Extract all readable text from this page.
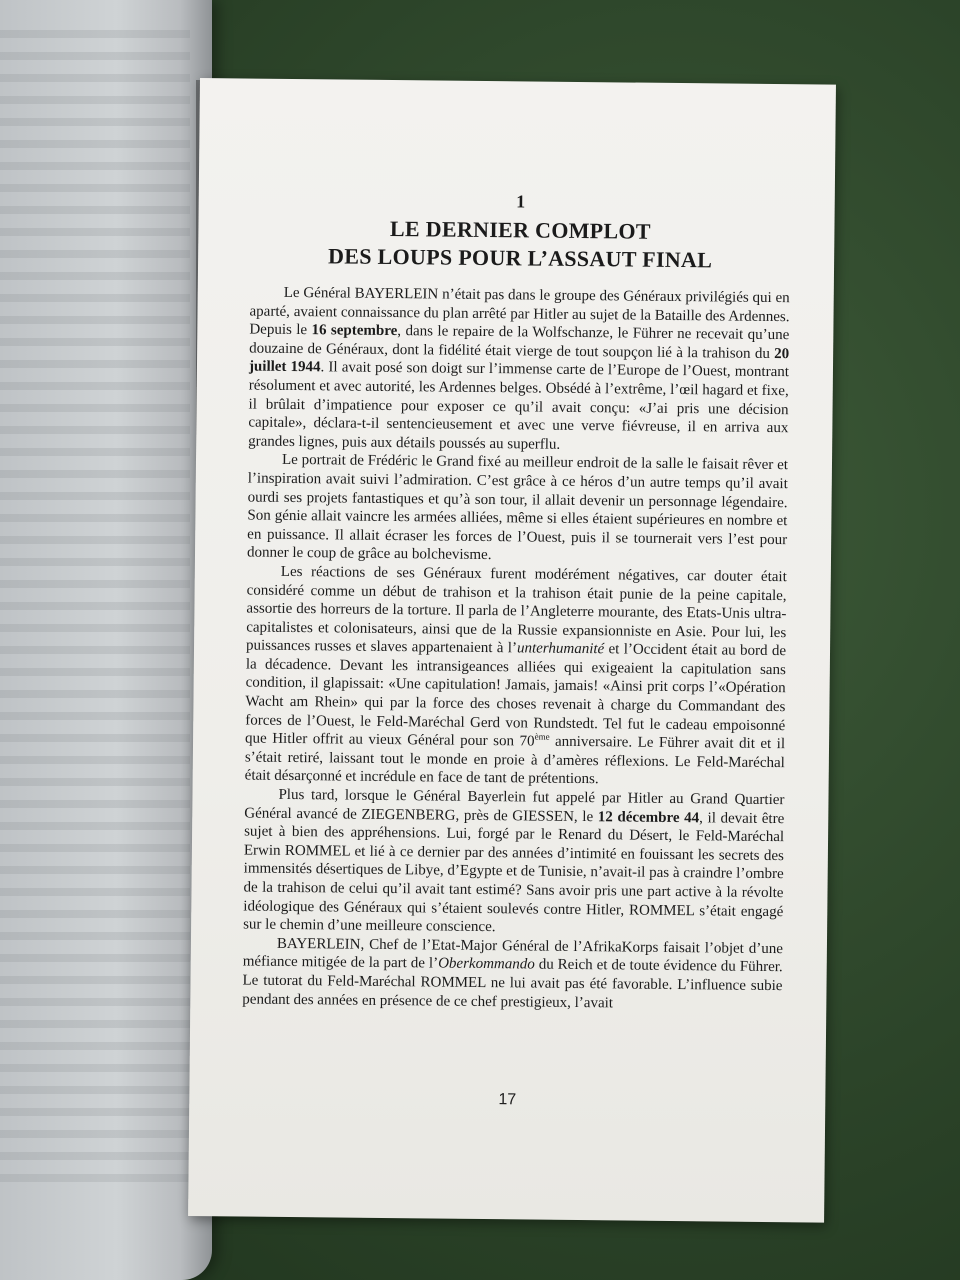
1
LE DERNIER COMPLOT
DES LOUPS POUR L’ASSAUT FINAL

Le Général BAYERLEIN n’était pas dans le groupe des Généraux privilégiés qui en aparté, avaient connaissance du plan arrêté par Hitler au sujet de la Bataille des Ardennes. Depuis le 16 septembre, dans le repaire de la Wolfschanze, le Führer ne recevait qu’une douzaine de Généraux, dont la fidélité était vierge de tout soupçon lié à la trahison du 20 juillet 1944. Il avait posé son doigt sur l’immense carte de l’Europe de l’Ouest, montrant résolument et avec autorité, les Ardennes belges. Obsédé à l’extrême, l’œil hagard et fixe, il brûlait d’impatience pour exposer ce qu’il avait conçu: «J’ai pris une décision capitale», déclara-t-il sentencieusement et avec une verve fiévreuse, il en arriva aux grandes lignes, puis aux détails poussés au superflu.

Le portrait de Frédéric le Grand fixé au meilleur endroit de la salle le faisait rêver et l’inspiration avait suivi l’admiration. C’est grâce à ce héros d’un autre temps qu’il avait ourdi ses projets fantastiques et qu’à son tour, il allait devenir un personnage légendaire. Son génie allait vaincre les armées alliées, même si elles étaient supérieures en nombre et en puissance. Il allait écraser les forces de l’Ouest, puis il se tournerait vers l’est pour donner le coup de grâce au bolchevisme.

Les réactions de ses Généraux furent modérément négatives, car douter était considéré comme un début de trahison et la trahison était punie de la peine capitale, assortie des horreurs de la torture. Il parla de l’Angleterre mourante, des Etats-Unis ultra-capitalistes et colonisateurs, ainsi que de la Russie expansionniste en Asie. Pour lui, les puissances russes et slaves appartenaient à l’unterhumanité et l’Occident était au bord de la décadence. Devant les intransigeances alliées qui exigeaient la capitulation sans condition, il glapissait: «Une capitulation! Jamais, jamais! «Ainsi prit corps l’«Opération Wacht am Rhein» qui par la force des choses revenait à charge du Commandant des forces de l’Ouest, le Feld-Maréchal Gerd von Rundstedt. Tel fut le cadeau empoisonné que Hitler offrit au vieux Général pour son 70ème anniversaire. Le Führer avait dit et il s’était retiré, laissant tout le monde en proie à d’amères réflexions. Le Feld-Maréchal était désarçonné et incrédule en face de tant de prétentions.

Plus tard, lorsque le Général Bayerlein fut appelé par Hitler au Grand Quartier Général avancé de ZIEGENBERG, près de GIESSEN, le 12 décembre 44, il devait être sujet à bien des appréhensions. Lui, forgé par le Renard du Désert, le Feld-Maréchal Erwin ROMMEL et lié à ce dernier par des années d’intimité en fouissant les secrets des immensités désertiques de Libye, d’Egypte et de Tunisie, n’avait-il pas à craindre l’ombre de la trahison de celui qu’il avait tant estimé? Sans avoir pris une part active à la révolte idéologique des Généraux qui s’étaient soulevés contre Hitler, ROMMEL s’était engagé sur le chemin d’une meilleure conscience.

BAYERLEIN, Chef de l’Etat-Major Général de l’AfrikaKorps faisait l’objet d’une méfiance mitigée de la part de l’Oberkommando du Reich et de toute évidence du Führer. Le tutorat du Feld-Maréchal ROMMEL ne lui avait pas été favorable. L’influence subie pendant des années en présence de ce chef prestigieux, l’avait

17
